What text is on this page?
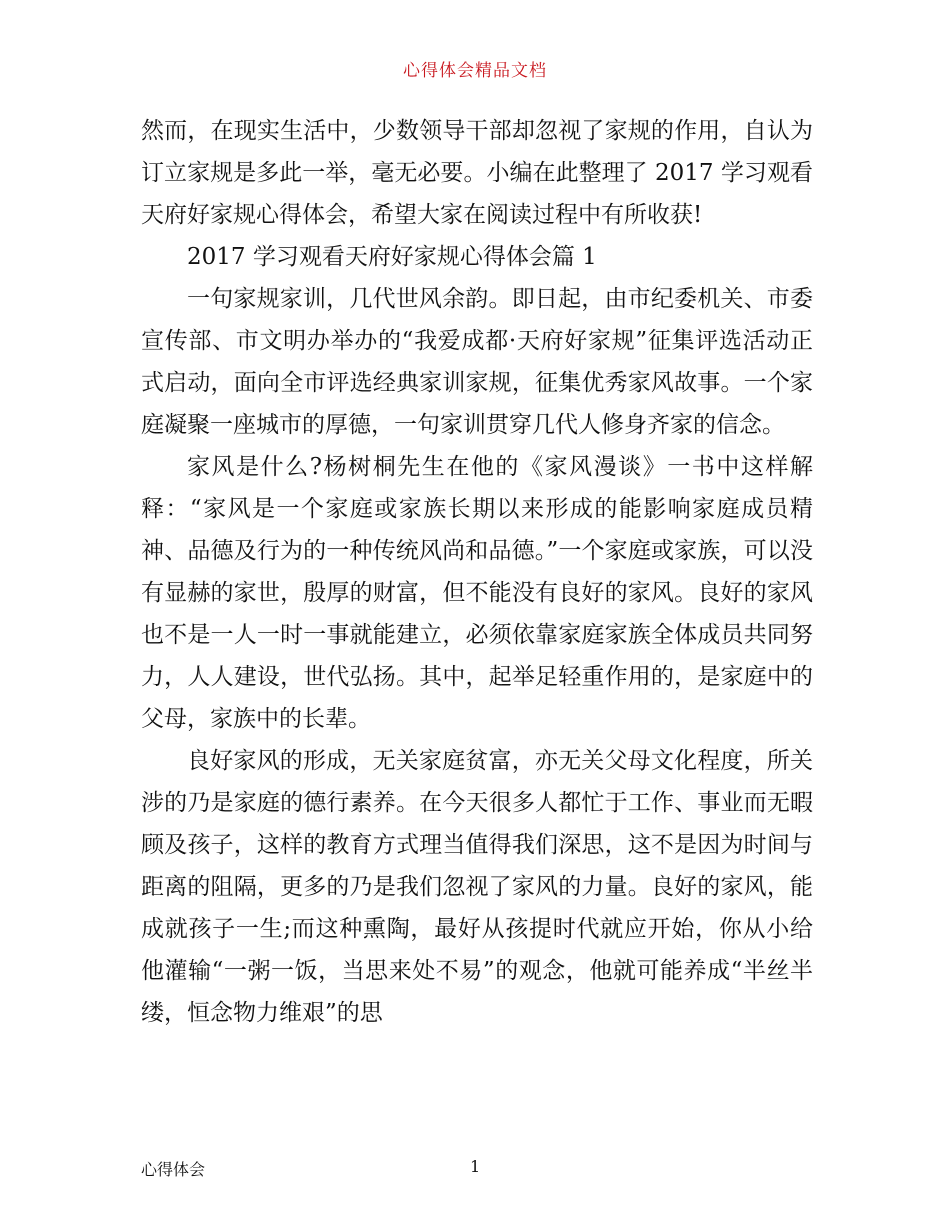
心得体会精品文档

然而，在现实生活中，少数领导干部却忽视了家规的作用，自认为订立家规是多此一举，毫无必要。小编在此整理了 2017 学习观看天府好家规心得体会，希望大家在阅读过程中有所收获!

2017 学习观看天府好家规心得体会篇 1

一句家规家训，几代世风余韵。即日起，由市纪委机关、市委宣传部、市文明办举办的“我爱成都·天府好家规”征集评选活动正式启动，面向全市评选经典家训家规，征集优秀家风故事。一个家庭凝聚一座城市的厚德，一句家训贯穿几代人修身齐家的信念。

家风是什么?杨树桐先生在他的《家风漫谈》一书中这样解释：“家风是一个家庭或家族长期以来形成的能影响家庭成员精神、品德及行为的一种传统风尚和品德。”一个家庭或家族，可以没有显赫的家世，殷厚的财富，但不能没有良好的家风。良好的家风也不是一人一时一事就能建立，必须依靠家庭家族全体成员共同努力，人人建设，世代弘扬。其中，起举足轻重作用的，是家庭中的父母，家族中的长辈。

良好家风的形成，无关家庭贫富，亦无关父母文化程度，所关涉的乃是家庭的德行素养。在今天很多人都忙于工作、事业而无暇顾及孩子，这样的教育方式理当值得我们深思，这不是因为时间与距离的阻隔，更多的乃是我们忽视了家风的力量。良好的家风，能成就孩子一生;而这种熏陶，最好从孩提时代就应开始，你从小给他灌输“一粥一饭，当思来处不易”的观念，他就可能养成“半丝半缕，恒念物力维艰”的思

心得体会	1
